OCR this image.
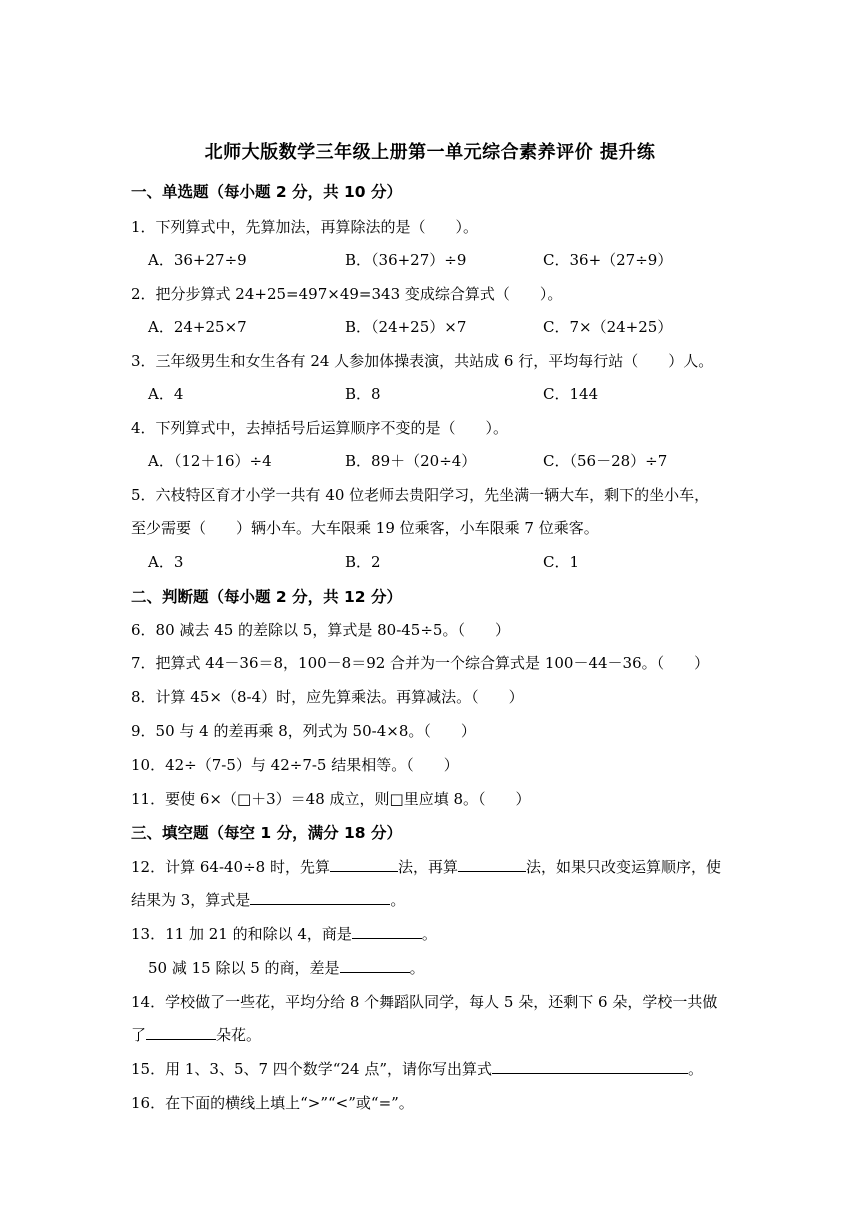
北师大版数学三年级上册第一单元综合素养评价 提升练
一、单选题（每小题 2 分，共 10 分）
1．下列算式中，先算加法，再算除法的是（　　）。
A．36+27÷9	B．（36+27）÷9	C．36+（27÷9）
2．把分步算式 24+25=497×49=343 变成综合算式（　　）。
A．24+25×7	B．（24+25）×7	C．7×（24+25）
3．三年级男生和女生各有 24 人参加体操表演，共站成 6 行，平均每行站（　　）人。
A．4	B．8	C．144
4．下列算式中，去掉括号后运算顺序不变的是（　　）。
A．（12＋16）÷4	B．89＋（20÷4）	C．（56－28）÷7
5．六枝特区育才小学一共有 40 位老师去贵阳学习，先坐满一辆大车，剩下的坐小车，
至少需要（　　）辆小车。大车限乘 19 位乘客，小车限乘 7 位乘客。
A．3	B．2	C．1
二、判断题（每小题 2 分，共 12 分）
6．80 减去 45 的差除以 5，算式是 80-45÷5。（　　）
7．把算式 44－36＝8，100－8＝92 合并为一个综合算式是 100－44－36。（　　）
8．计算 45×（8-4）时，应先算乘法。再算减法。（　　）
9．50 与 4 的差再乘 8，列式为 50-4×8。（　　）
10．42÷（7-5）与 42÷7-5 结果相等。（　　）
11．要使 6×（□＋3）＝48 成立，则□里应填 8。（　　）
三、填空题（每空 1 分，满分 18 分）
12．计算 64-40÷8 时，先算	法，再算	法，如果只改变运算顺序，使
结果为 3，算式是	。
13．11 加 21 的和除以 4，商是	。
50 减 15 除以 5 的商，差是	。
14．学校做了一些花，平均分给 8 个舞蹈队同学，每人 5 朵，还剩下 6 朵，学校一共做
了	朵花。
15．用 1、3、5、7 四个数学“24 点”，请你写出算式	。
16．在下面的横线上填上“>”“<”或“=”。
